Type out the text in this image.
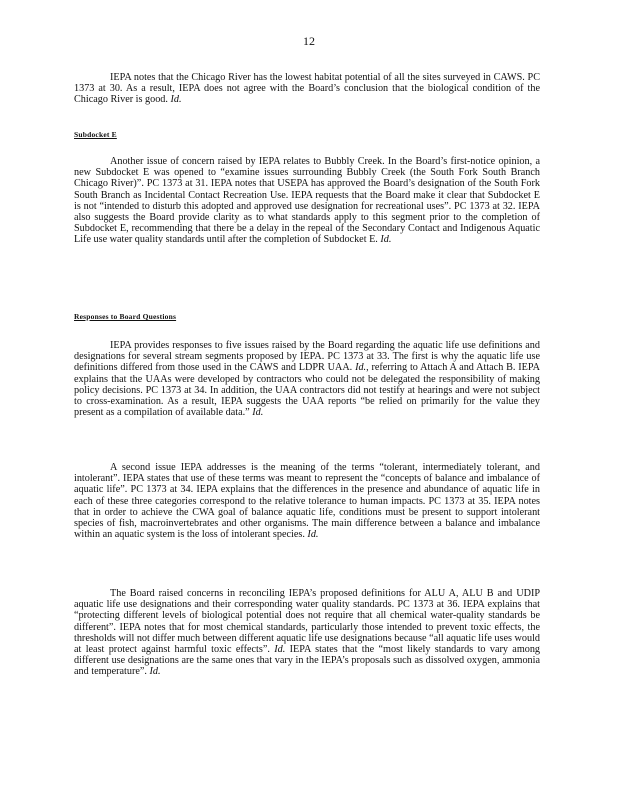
12

IEPA notes that the Chicago River has the lowest habitat potential of all the sites surveyed in CAWS. PC 1373 at 30. As a result, IEPA does not agree with the Board’s conclusion that the biological condition of the Chicago River is good. Id.

Subdocket E

Another issue of concern raised by IEPA relates to Bubbly Creek. In the Board’s first-notice opinion, a new Subdocket E was opened to “examine issues surrounding Bubbly Creek (the South Fork South Branch Chicago River)”. PC 1373 at 31. IEPA notes that USEPA has approved the Board’s designation of the South Fork South Branch as Incidental Contact Recreation Use. IEPA requests that the Board make it clear that Subdocket E is not “intended to disturb this adopted and approved use designation for recreational uses”. PC 1373 at 32. IEPA also suggests the Board provide clarity as to what standards apply to this segment prior to the completion of Subdocket E, recommending that there be a delay in the repeal of the Secondary Contact and Indigenous Aquatic Life use water quality standards until after the completion of Subdocket E. Id.

Responses to Board Questions

IEPA provides responses to five issues raised by the Board regarding the aquatic life use definitions and designations for several stream segments proposed by IEPA. PC 1373 at 33. The first is why the aquatic life use definitions differed from those used in the CAWS and LDPR UAA. Id., referring to Attach A and Attach B. IEPA explains that the UAAs were developed by contractors who could not be delegated the responsibility of making policy decisions. PC 1373 at 34. In addition, the UAA contractors did not testify at hearings and were not subject to cross-examination. As a result, IEPA suggests the UAA reports “be relied on primarily for the value they present as a compilation of available data.” Id.

A second issue IEPA addresses is the meaning of the terms “tolerant, intermediately tolerant, and intolerant”. IEPA states that use of these terms was meant to represent the “concepts of balance and imbalance of aquatic life”. PC 1373 at 34. IEPA explains that the differences in the presence and abundance of aquatic life in each of these three categories correspond to the relative tolerance to human impacts. PC 1373 at 35. IEPA notes that in order to achieve the CWA goal of balance aquatic life, conditions must be present to support intolerant species of fish, macroinvertebrates and other organisms. The main difference between a balance and imbalance within an aquatic system is the loss of intolerant species. Id.

The Board raised concerns in reconciling IEPA’s proposed definitions for ALU A, ALU B and UDIP aquatic life use designations and their corresponding water quality standards. PC 1373 at 36. IEPA explains that “protecting different levels of biological potential does not require that all chemical water-quality standards be different”. IEPA notes that for most chemical standards, particularly those intended to prevent toxic effects, the thresholds will not differ much between different aquatic life use designations because “all aquatic life uses would at least protect against harmful toxic effects”. Id. IEPA states that the “most likely standards to vary among different use designations are the same ones that vary in the IEPA’s proposals such as dissolved oxygen, ammonia and temperature”. Id.
